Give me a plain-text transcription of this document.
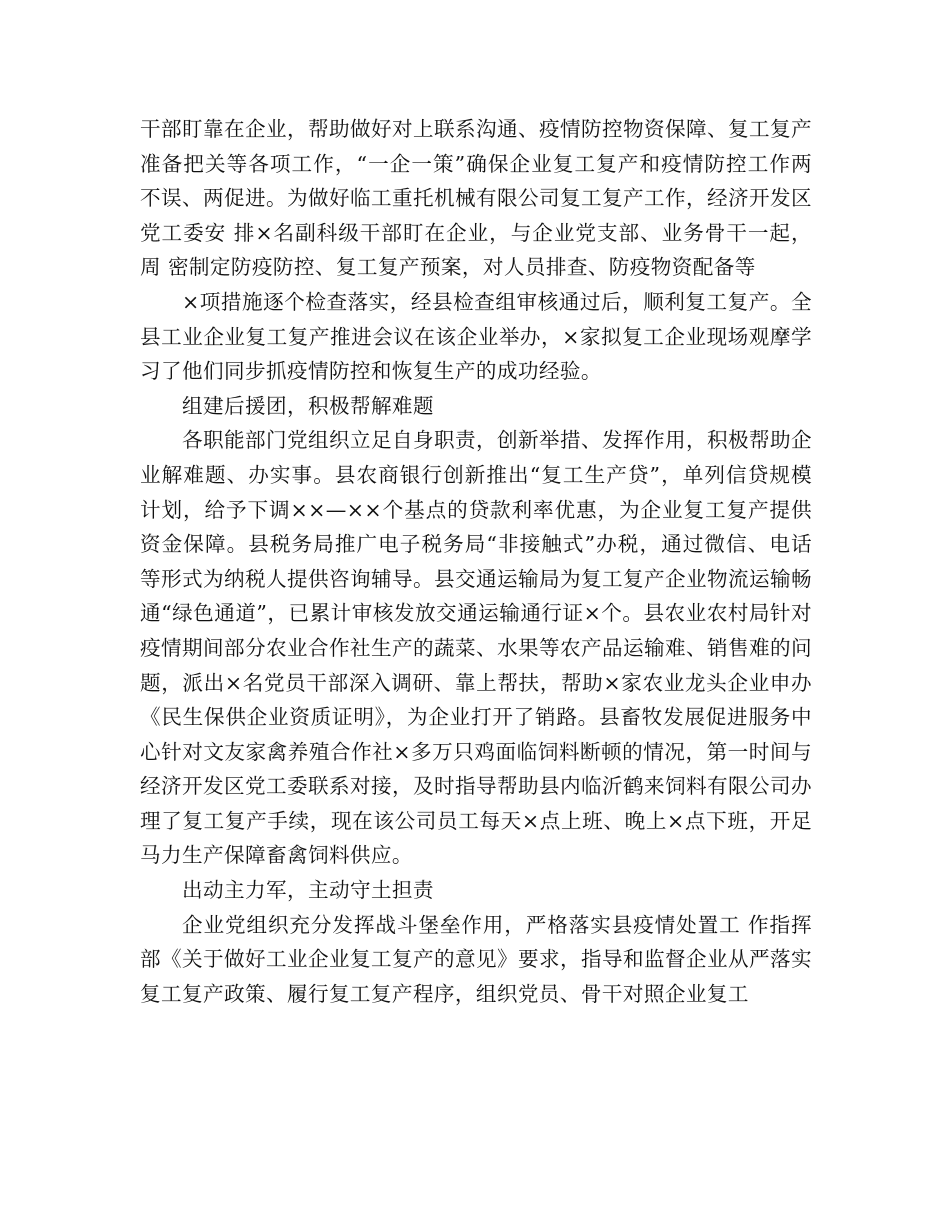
干部盯靠在企业，帮助做好对上联系沟通、疫情防控物资保障、复工复产准备把关等各项工作，“一企一策”确保企业复工复产和疫情防控工作两不误、两促进。为做好临工重托机械有限公司复工复产工作，经济开发区党工委安 排×名副科级干部盯在企业，与企业党支部、业务骨干一起，周 密制定防疫防控、复工复产预案，对人员排查、防疫物资配备等

×项措施逐个检查落实，经县检查组审核通过后，顺利复工复产。全县工业企业复工复产推进会议在该企业举办，×家拟复工企业现场观摩学习了他们同步抓疫情防控和恢复生产的成功经验。

组建后援团，积极帮解难题

各职能部门党组织立足自身职责，创新举措、发挥作用，积极帮助企业解难题、办实事。县农商银行创新推出“复工生产贷”，单列信贷规模计划，给予下调××—××个基点的贷款利率优惠，为企业复工复产提供资金保障。县税务局推广电子税务局“非接触式”办税，通过微信、电话等形式为纳税人提供咨询辅导。县交通运输局为复工复产企业物流运输畅通“绿色通道”，已累计审核发放交通运输通行证×个。县农业农村局针对疫情期间部分农业合作社生产的蔬菜、水果等农产品运输难、销售难的问题，派出×名党员干部深入调研、靠上帮扶，帮助×家农业龙头企业申办《民生保供企业资质证明》，为企业打开了销路。县畜牧发展促进服务中心针对文友家禽养殖合作社×多万只鸡面临饲料断顿的情况，第一时间与经济开发区党工委联系对接，及时指导帮助县内临沂鹤来饲料有限公司办理了复工复产手续，现在该公司员工每天×点上班、晚上×点下班，开足马力生产保障畜禽饲料供应。

出动主力军，主动守土担责

企业党组织充分发挥战斗堡垒作用，严格落实县疫情处置工 作指挥部《关于做好工业企业复工复产的意见》要求，指导和监督企业从严落实复工复产政策、履行复工复产程序，组织党员、骨干对照企业复工
